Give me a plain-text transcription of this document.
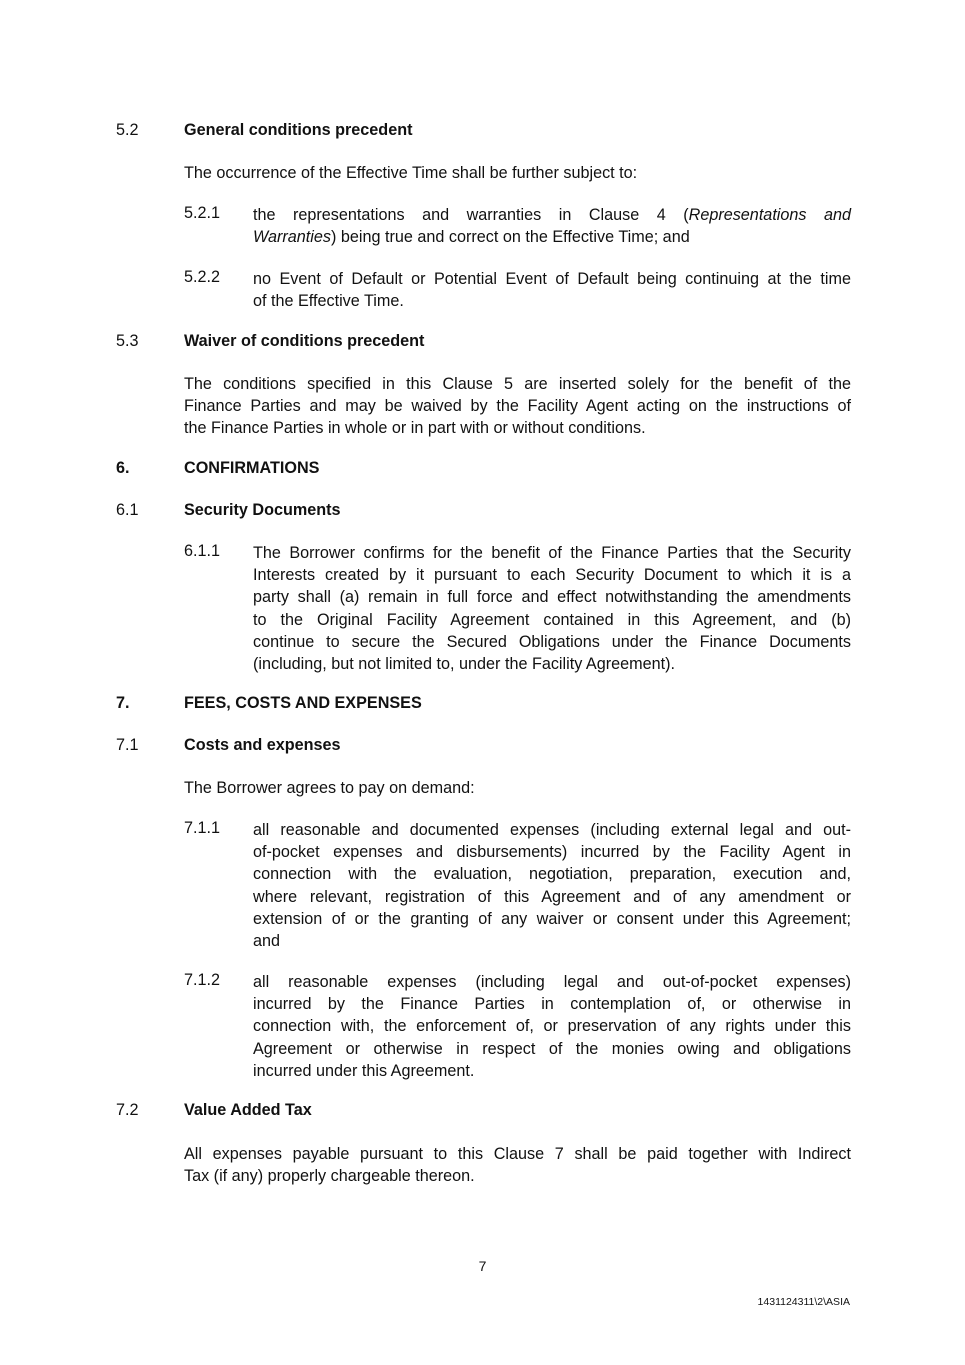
5.2	General conditions precedent
The occurrence of the Effective Time shall be further subject to:
5.2.1 the representations and warranties in Clause 4 (Representations and
Warranties) being true and correct on the Effective Time; and
5.2.2 no Event of Default or Potential Event of Default being continuing at the time
of the Effective Time.
5.3	Waiver of conditions precedent
The conditions specified in this Clause 5 are inserted solely for the benefit of the
Finance Parties and may be waived by the Facility Agent acting on the instructions of
the Finance Parties in whole or in part with or without conditions.
6.	CONFIRMATIONS
6.1	Security Documents
6.1.1 The Borrower confirms for the benefit of the Finance Parties that the Security
Interests created by it pursuant to each Security Document to which it is a
party shall (a) remain in full force and effect notwithstanding the amendments
to the Original Facility Agreement contained in this Agreement, and (b)
continue to secure the Secured Obligations under the Finance Documents
(including, but not limited to, under the Facility Agreement).
7.	FEES, COSTS AND EXPENSES
7.1	Costs and expenses
The Borrower agrees to pay on demand:
7.1.1 all reasonable and documented expenses (including external legal and out-
of-pocket expenses and disbursements) incurred by the Facility Agent in
connection with the evaluation, negotiation, preparation, execution and,
where relevant, registration of this Agreement and of any amendment or
extension of or the granting of any waiver or consent under this Agreement;
and
7.1.2 all reasonable expenses (including legal and out-of-pocket expenses)
incurred by the Finance Parties in contemplation of, or otherwise in
connection with, the enforcement of, or preservation of any rights under this
Agreement or otherwise in respect of the monies owing and obligations
incurred under this Agreement.
7.2	Value Added Tax
All expenses payable pursuant to this Clause 7 shall be paid together with Indirect
Tax (if any) properly chargeable thereon.
7
1431124311\2\ASIA
